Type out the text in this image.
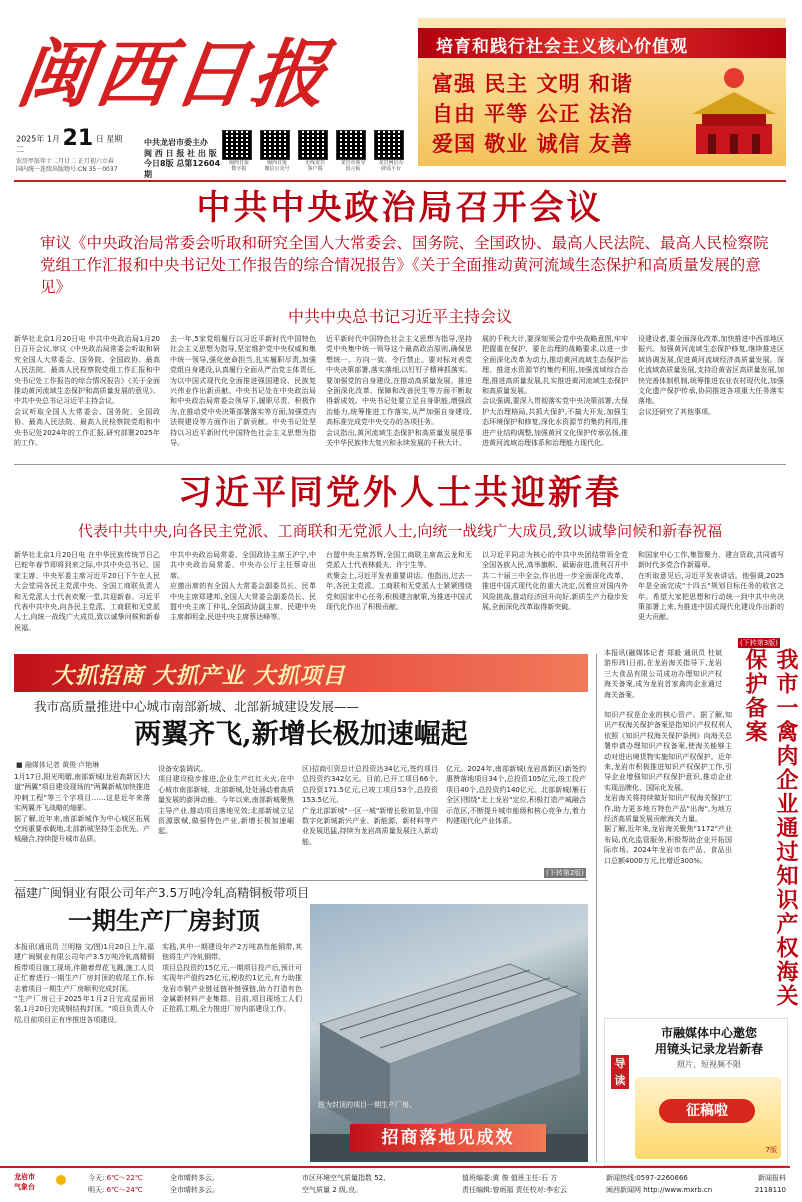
闽西日报
2025年 1月 21 日 星期二
农历甲辰年十二月廿二 正月初六立春
国内统一连续出版物号:CN 35－0037
中共龙岩市委主办
闽 西 日 报 社 出 版
今日8版 总第12604期
闽西日报
数字报
闽西日报
微信公众号
无线龙岩
客户端
龙岩市领导
留言板
龙岩网信办
辟谣平台
培育和践行社会主义核心价值观
富强 民主 文明 和谐
自由 平等 公正 法治
爱国 敬业 诚信 友善
中共中央政治局召开会议
审议《中央政治局常委会听取和研究全国人大常委会、国务院、全国政协、最高人民法院、最高人民检察院党组工作汇报和中央书记处工作报告的综合情况报告》《关于全面推动黄河流域生态保护和高质量发展的意见》
中共中央总书记习近平主持会议
新华社北京1月20日电 中共中央政治局1月20日召开会议,审议《中央政治局常委会听取和研究全国人大常委会、国务院、全国政协、最高人民法院、最高人民检察院党组工作汇报和中央书记处工作报告的综合情况报告》《关于全面推动黄河流域生态保护和高质量发展的意见》。中共中央总书记习近平主持会议。
会议听取全国人大常委会、国务院、全国政协、最高人民法院、最高人民检察院党组和中央书记处2024年的工作汇报,研究部署2025年的工作。
去一年,5家党组履行以习近平新时代中国特色社会主义思想为指导,坚定维护党中央权威和集中统一领导,强化使命担当,扎实履职尽责,加强党组自身建设,认真履行全面从严治党主体责任,为以中国式现代化全面推进强国建设、民族复兴伟业作出新贡献。中央书记处在中央政治局和中央政治局常委会领导下,履职尽责、积极作为,在推动党中央决策部署落实等方面,加强党内法规建设等方面作出了新贡献。中央书记处坚持以习近平新时代中国特色社会主义思想为指导。
近平新时代中国特色社会主义思想为指导,坚持党中央集中统一领导这个最高政治原则,确保思想统一、方向一致、令行禁止。要对标对表党中央决策部署,落实落细,以钉钉子精神抓落实。要加强党的自身建设,在推动高质量发展、推进全面深化改革、保障和改善民生等方面不断取得新成效。中央书记处要立足自身职能,增强政治能力,统筹推进工作落实,从严加强自身建设,高标准完成党中央交办的各项任务。
会议指出,黄河流域生态保护和高质量发展是事关中华民族伟大复兴和永续发展的千秋大计。
展的千秋大计,要深刻领会党中央战略意图,牢牢把握重在保护、要在治理的战略要求,以进一步全面深化改革为动力,推动黄河流域生态保护治理、推进水资源节约集约利用,加强流域综合治理,推进高质量发展,扎实推进黄河流域生态保护和高质量发展。
会议强调,要深入贯彻落实党中央决策部署,大保护大治理格局,共抓大保护,不搞大开发,加强生态环境保护和修复,深化水资源节约集约利用,推进产业结构调整,加强黄河文化保护传承弘扬,推进黄河流域治理体系和治理能力现代化。
设建设者,要全面深化改革,加快推进中西部地区振兴。加强黄河流域生态保护修复,继续推进区域协调发展,促进黄河流域经济高质量发展。深化流域高质量发展,支持沿黄省区高质量发展,加快完善体制机制,统筹推进农业农村现代化,加强文化遗产保护传承,协同推进各项重大任务落实落地。
会议还研究了其他事项。
习近平同党外人士共迎新春
代表中共中央,向各民主党派、工商联和无党派人士,向统一战线广大成员,致以诚挚问候和新春祝福
新华社北京1月20日电 在中华民族传统节日乙巳蛇年春节即将到来之际,中共中央总书记、国家主席、中央军委主席习近平20日下午在人民大会堂同各民主党派中央、全国工商联负责人和无党派人士代表欢聚一堂,共迎新春。习近平代表中共中央,向各民主党派、工商联和无党派人士,向统一战线广大成员,致以诚挚问候和新春祝福。
中共中央政治局常委、全国政协主席王沪宁,中共中央政治局常委、中央办公厅主任蔡奇出席。
应邀出席的有全国人大常委会副委员长、民革中央主席郑建邦,全国人大常委会副委员长、民盟中央主席丁仲礼,全国政协副主席、民建中央主席郝明金,民进中央主席蔡达峰等。
台盟中央主席苏辉,全国工商联主席高云龙和无党派人士代表林毅夫、许宁生等。
欢聚会上,习近平发表重要讲话。他指出,过去一年,各民主党派、工商联和无党派人士紧紧围绕党和国家中心任务,积极建言献策,为推进中国式现代化作出了积极贡献。
以习近平同志为核心的中共中央团结带领全党全国各族人民,高举旗帜、砥砺奋进,胜利召开中共二十届三中全会,作出进一步全面深化改革、推进中国式现代化的重大决定,沉着应对国内外风险挑战,推动经济回升向好,新质生产力稳步发展,全面深化改革取得新突破。
和国家中心工作,集智聚力、建言资政,共同谱写新时代多党合作新篇章。
在听取意见后,习近平发表讲话。他强调,2025年是全面完成"十四五"规划目标任务的收官之年。希望大家把思想和行动统一到中共中央决策部署上来,为推进中国式现代化建设作出新的更大贡献。
(下转第3版)
大抓招商 大抓产业 大抓项目
我市高质量推进中心城市南部新城、北部新城建设发展——
两翼齐飞,新增长极加速崛起
■ 融媒体记者 黄俊 卢艳琳
1月17日,阳光明媚,南部新城(龙岩高新区)大道"两翼"项目建设现场的"两翼新城加快推进冲刺工程"等三个字项目……这是近年来落实两翼齐飞战略的缩影。
据了解,近年来,南部新城作为中心城区拓展空间重要承载地,北部新城坚持生态优先、产城融合,持续提升城市品质。
设备安装调试。
项目建设稳步推进,企业生产红红火火,在中心城市南部新城、北部新城,处处涌动着高质量发展的澎湃动能。今年以来,南部新城聚焦主导产业,推动项目落地见效;北部新城立足资源禀赋,做强特色产业,新增长极加速崛起。
区)招商引资总计总投资达34亿元,签约项目总投资约342亿元。目前,已开工项目66个,总投资171.5亿元,已竣工项目53个,总投资153.5亿元。
广龙北部新城"一区一城"新增长极初显,中国数字化新城新兴产业、新能源、新材料等产业发展迅猛,持续为龙岩高质量发展注入新动能。
亿元。2024年,南部新城(龙岩高新区)新签约惠赞落地项目34个,总投资105亿元,竣工投产项目40个,总投资约140亿元。北部新城(雁石全区)围绕"北上龙岩"定位,积极打造产城融合示范区,不断提升城市能级和核心竞争力,着力构建现代化产业体系。
(下转第2版)
福建广闽铜业有限公司年产3.5万吨冷轧高精铜板带项目
一期生产厂房封顶
本报讯(通讯员 兰明格 文/图)1月20日上午,福建广闽铜业有限公司年产3.5万吨冷轧高精铜板带项目施工现场,伴随着焊花飞溅,施工人员正忙着进行一期生产厂房封顶的收尾工作,标志着项目一期生产厂房顺利完成封顶。
"生产厂房已于2025年1月2日完成屋面吊装,1月20日完成钢结构封顶。"项目负责人介绍,目前项目正有序推进各项建设。
实践,其中一期建设年产2万吨高性能铜带,其他将生产冷轧铜带。
项目总投资约15亿元,一期项目投产后,预计可实现年产值约25亿元,税收约1亿元,有力助推龙岩市铜产业链延链补链强链,助力打造有色金属新材料产业集群。目前,项目现场工人们正抢抓工期,全力推进厂房内部建设工作。
图为封顶的项目一期生产厂房。
招商落地见成效
本报讯(融媒体记者 郑毅 通讯员 杜斌 游彤玮)日前,在龙岩海关指导下,龙岩三大食品有限公司成功办理知识产权海关备案,成为龙岩首家禽肉企业通过海关备案。	我市一禽肉企业通过知识产权海关保护备案
知识产权是企业的核心资产。据了解,知识产权海关保护备案是指知识产权权利人依照《知识产权海关保护条例》向海关总署申请办理知识产权备案,使海关能够主动对进出境货物实施知识产权保护。近年来,龙岩市积极推进知识产权保护工作,引导企业增强知识产权保护意识,推动企业实现品牌化、国际化发展。
龙岩海关将持续做好知识产权海关保护工作,助力更多地方特色产品"出海",为地方经济高质量发展贡献海关力量。
据了解,近年来,龙岩海关聚焦"1172"产业布局,优化监管服务,积极帮助企业开拓国际市场。2024年龙岩市农产品、食品出口总额4000万元,比增近300%。
导读
市融媒体中心邀您
用镜头记录龙岩新春
照片、短视频不限
征稿啦
7版
龙岩市
气象台
今天: 6℃～22℃
明天: 6℃～24℃
全市晴转多云。
全市晴转多云。
市区环境空气质量指数 52,
空气质量 2 级,良。
值班编委:黄 俊 值班主任:石 方
责任编辑:曾炳福 责任校对:李宏云
新闻热线:0597-2260666
闽西新闻网 http://www.mxrb.cn
新闻报料
2118110
